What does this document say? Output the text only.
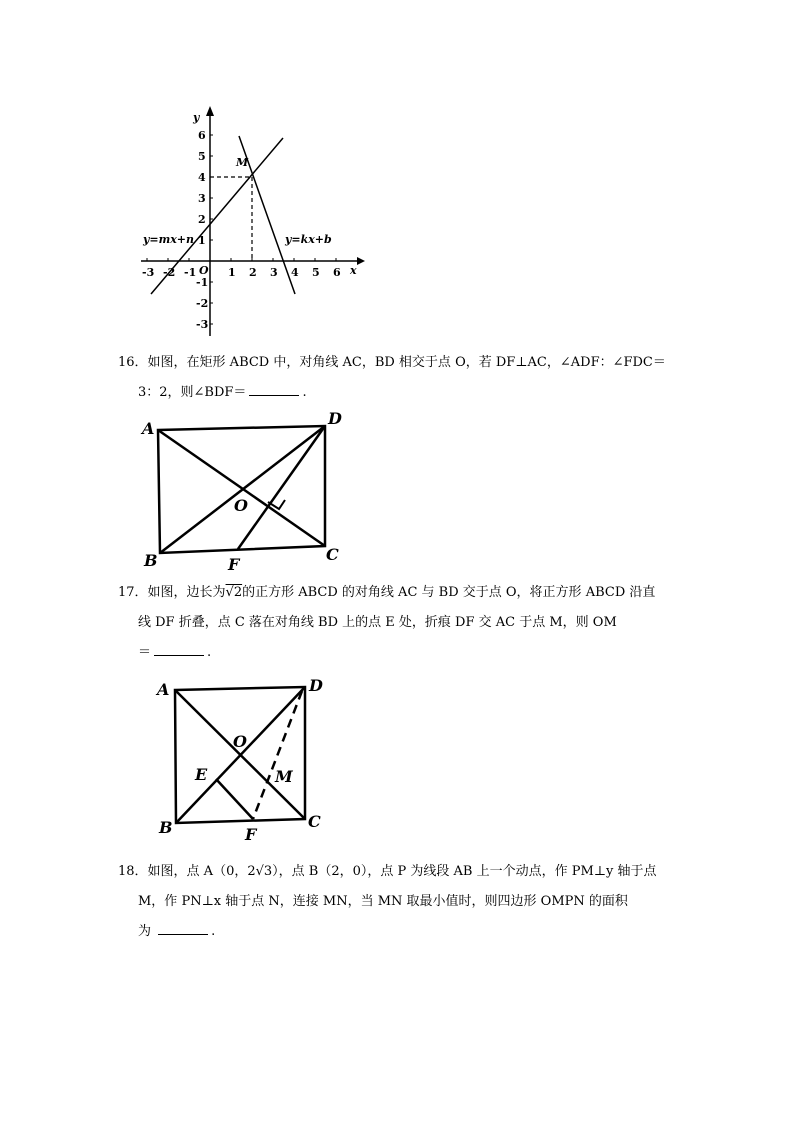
y
x
O
M
y=mx+n	y=kx+b
-3 -2 -1	1 2 3 4 5 6
6
5
4
3
2
1
-1
-2
-3
16．如图，在矩形 ABCD 中，对角线 AC，BD 相交于点 O，若 DF⊥AC，∠ADF：∠FDC＝
3：2，则∠BDF＝	.
A
D
B	C
O
F
17．如图，边长为√2的正方形 ABCD 的对角线 AC 与 BD 交于点 O，将正方形 ABCD 沿直
线 DF 折叠，点 C 落在对角线 BD 上的点 E 处，折痕 DF 交 AC 于点 M，则 OM
＝	.
A	D
B	C
O
E	M
F
18．如图，点 A（0，2√3），点 B（2，0），点 P 为线段 AB 上一个动点，作 PM⊥y 轴于点
M，作 PN⊥x 轴于点 N，连接 MN，当 MN 取最小值时，则四边形 OMPN 的面积
为	.
